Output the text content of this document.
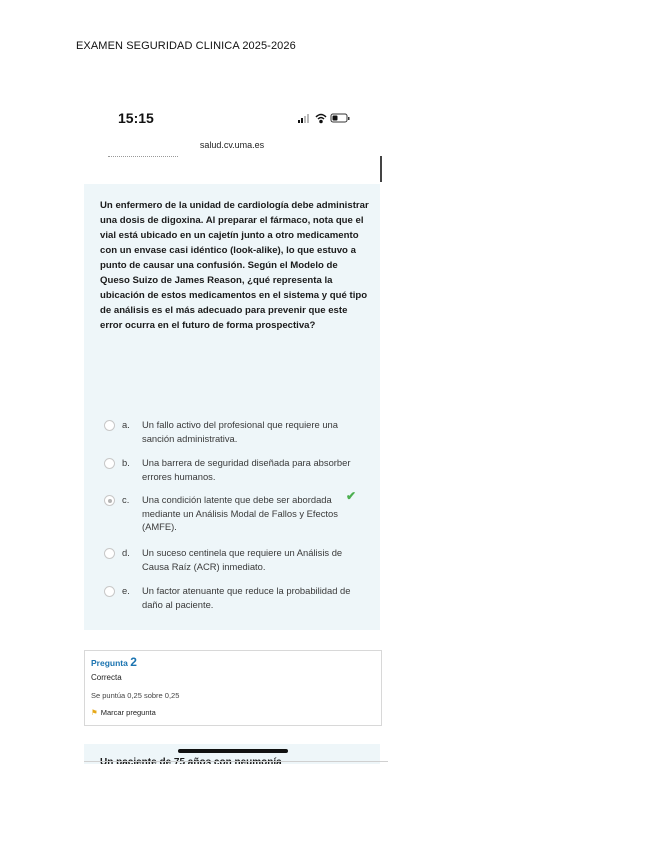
EXAMEN SEGURIDAD CLINICA 2025-2026
15:15
salud.cv.uma.es
Un enfermero de la unidad de cardiología debe administrar una dosis de digoxina. Al preparar el fármaco, nota que el vial está ubicado en un cajetín junto a otro medicamento con un envase casi idéntico (look-alike), lo que estuvo a punto de causar una confusión. Según el Modelo de Queso Suizo de James Reason, ¿qué representa la ubicación de estos medicamentos en el sistema y qué tipo de análisis es el más adecuado para prevenir que este error ocurra en el futuro de forma prospectiva?
a. Un fallo activo del profesional que requiere una sanción administrativa.
b. Una barrera de seguridad diseñada para absorber errores humanos.
c. Una condición latente que debe ser abordada mediante un Análisis Modal de Fallos y Efectos (AMFE).
✔
d. Un suceso centinela que requiere un Análisis de Causa Raíz (ACR) inmediato.
e. Un factor atenuante que reduce la probabilidad de daño al paciente.
Pregunta 2
Correcta
Se puntúa 0,25 sobre 0,25
⚑ Marcar pregunta
